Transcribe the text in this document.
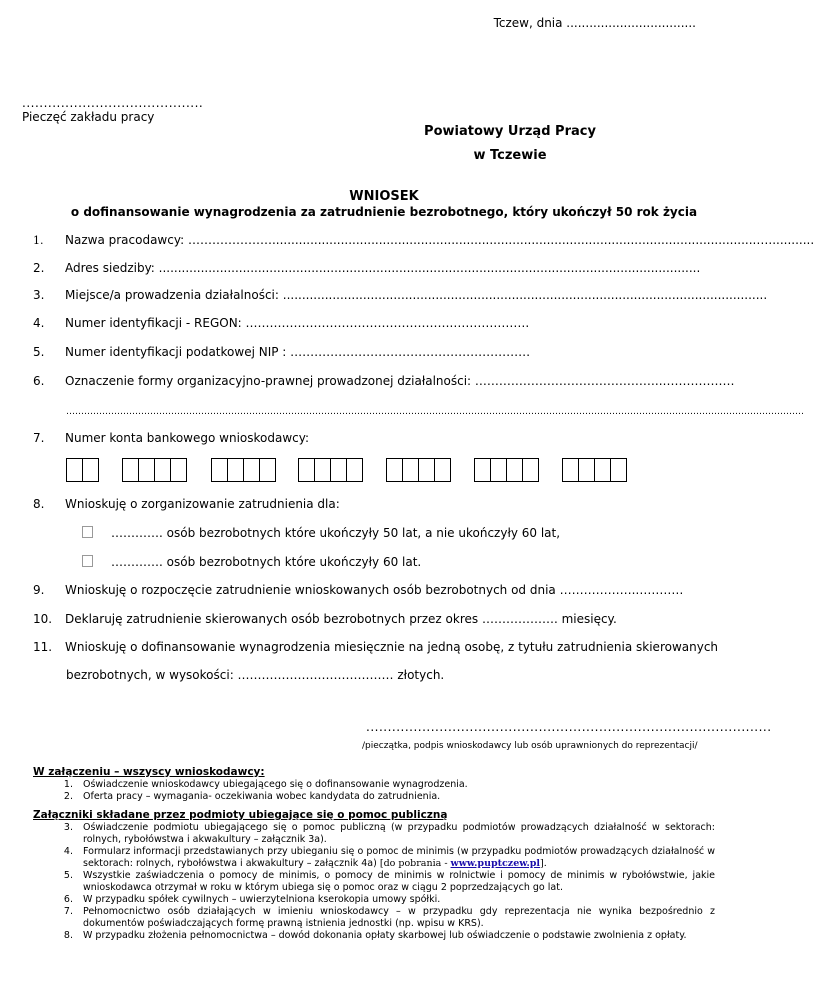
Tczew, dnia ..................................
..........................................
Pieczęć zakładu pracy
Powiatowy Urząd Pracy
w Tczewie
WNIOSEK
o dofinansowanie wynagrodzenia za zatrudnienie bezrobotnego, który ukończył 50 rok życia
1. Nazwa pracodawcy: …………………...............................................................................................................................…............
2. Adres siedziby: ..............................................................................................................................................
3. Miejsce/a prowadzenia działalności: ...............................................................................................................................
4. Numer identyfikacji - REGON: …………………………………………….……………….
5. Numer identyfikacji podatkowej NIP : ……………………………………………………
6. Oznaczenie formy organizacyjno-prawnej prowadzonej działalności: ………………………………………..………………
…………………………………………………………………………………………………………………………………………………………………………………………………………………………
7. Numer konta bankowego wnioskodawcy:
8. Wnioskuję o zorganizowanie zatrudnienia dla:
…………. osób bezrobotnych które ukończyły 50 lat, a nie ukończyły 60 lat,
…………. osób bezrobotnych które ukończyły 60 lat.
9. Wnioskuję o rozpoczęcie zatrudnienie wnioskowanych osób bezrobotnych od dnia ……………….…………
10. Deklaruję zatrudnienie skierowanych osób bezrobotnych przez okres ………………. miesięcy.
11. Wnioskuję o dofinansowanie wynagrodzenia miesięcznie na jedną osobę, z tytułu zatrudnienia skierowanych
bezrobotnych, w wysokości: ………………………………… złotych.
..............................................................................................
/pieczątka, podpis wnioskodawcy lub osób uprawnionych do reprezentacji/
W załączeniu – wszyscy wnioskodawcy:
1. Oświadczenie wnioskodawcy ubiegającego się o dofinansowanie wynagrodzenia.
2. Oferta pracy – wymagania- oczekiwania wobec kandydata do zatrudnienia.
Załączniki składane przez podmioty ubiegające się o pomoc publiczną
3. Oświadczenie podmiotu ubiegającego się o pomoc publiczną (w przypadku podmiotów prowadzących działalność w sektorach: rolnych, rybołówstwa i akwakultury – załącznik 3a).
4. Formularz informacji przedstawianych przy ubieganiu się o pomoc de minimis (w przypadku podmiotów prowadzących działalność w sektorach: rolnych, rybołówstwa i akwakultury – załącznik 4a) [do pobrania - www.puptczew.pl].
5. Wszystkie zaświadczenia o pomocy de minimis, o pomocy de minimis w rolnictwie i pomocy de minimis w rybołówstwie, jakie wnioskodawca otrzymał w roku w którym ubiega się o pomoc oraz w ciągu 2 poprzedzających go lat.
6. W przypadku spółek cywilnych – uwierzytelniona kserokopia umowy spółki.
7. Pełnomocnictwo osób działających w imieniu wnioskodawcy – w przypadku gdy reprezentacja nie wynika bezpośrednio z dokumentów poświadczających formę prawną istnienia jednostki (np. wpisu w KRS).
8. W przypadku złożenia pełnomocnictwa – dowód dokonania opłaty skarbowej lub oświadczenie o podstawie zwolnienia z opłaty.
